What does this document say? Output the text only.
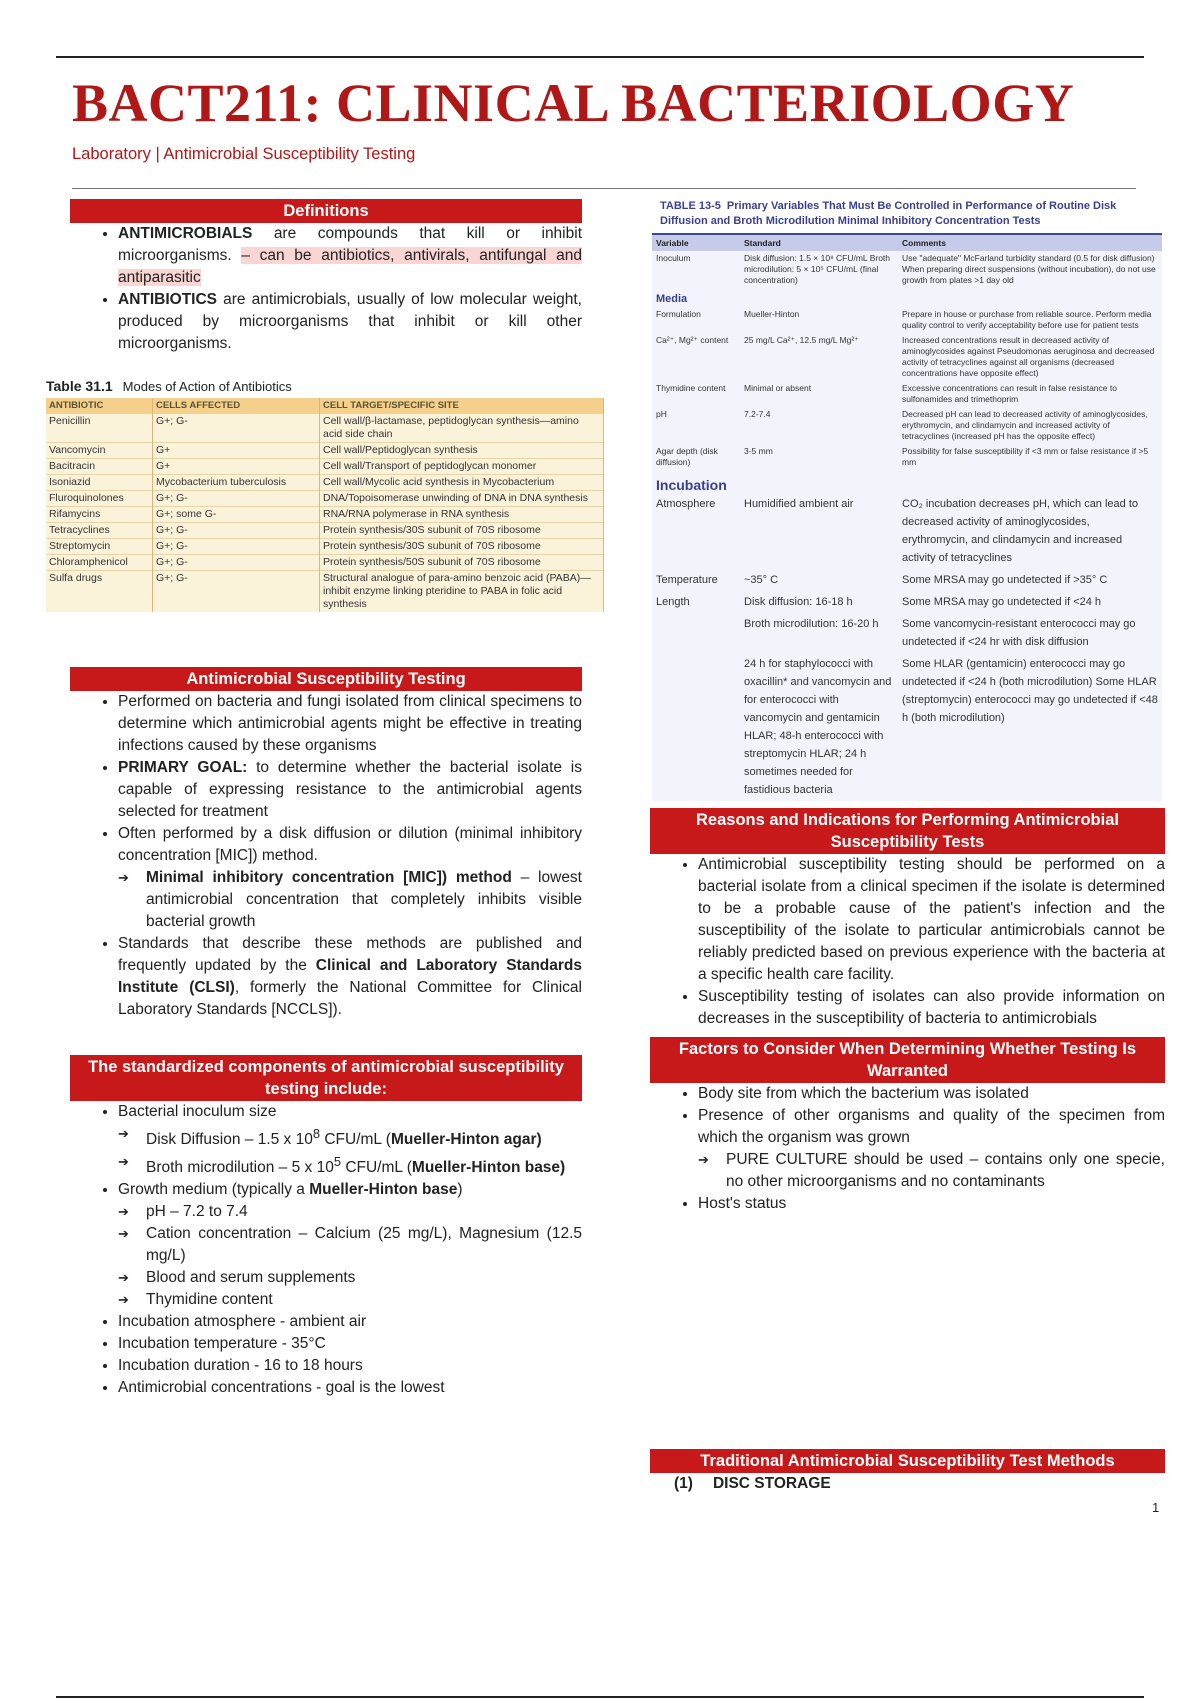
BACT211: CLINICAL BACTERIOLOGY
Laboratory | Antimicrobial Susceptibility Testing
Definitions
• ANTIMICROBIALS are compounds that kill or inhibit microorganisms. – can be antibiotics, antivirals, antifungal and antiparasitic
• ANTIBIOTICS are antimicrobials, usually of low molecular weight, produced by microorganisms that inhibit or kill other microorganisms.
Table 31.1 Modes of Action of Antibiotics
ANTIBIOTIC	CELLS AFFECTED	CELL TARGET/SPECIFIC SITE
Penicillin	G+; G-	Cell wall/β-lactamase, peptidoglycan synthesis—amino acid side chain
Vancomycin	G+	Cell wall/Peptidoglycan synthesis
Bacitracin	G+	Cell wall/Transport of peptidoglycan monomer
Isoniazid	Mycobacterium tuberculosis	Cell wall/Mycolic acid synthesis in Mycobacterium
Fluroquinolones	G+; G-	DNA/Topoisomerase unwinding of DNA in DNA synthesis
Rifamycins	G+; some G-	RNA/RNA polymerase in RNA synthesis
Tetracyclines	G+; G-	Protein synthesis/30S subunit of 70S ribosome
Streptomycin	G+; G-	Protein synthesis/30S subunit of 70S ribosome
Chloramphenicol	G+; G-	Protein synthesis/50S subunit of 70S ribosome
Sulfa drugs	G+; G-	Structural analogue of para-amino benzoic acid (PABA)—inhibit enzyme linking pteridine to PABA in folic acid synthesis
Antimicrobial Susceptibility Testing
• Performed on bacteria and fungi isolated from clinical specimens to determine which antimicrobial agents might be effective in treating infections caused by these organisms
• PRIMARY GOAL: to determine whether the bacterial isolate is capable of expressing resistance to the antimicrobial agents selected for treatment
• Often performed by a disk diffusion or dilution (minimal inhibitory concentration [MIC]) method.
➔ Minimal inhibitory concentration [MIC]) method – lowest antimicrobial concentration that completely inhibits visible bacterial growth
• Standards that describe these methods are published and frequently updated by the Clinical and Laboratory Standards Institute (CLSI), formerly the National Committee for Clinical Laboratory Standards [NCCLS]).
The standardized components of antimicrobial susceptibility testing include:
• Bacterial inoculum size
➔ Disk Diffusion – 1.5 x $10^8$ CFU/mL (Mueller-Hinton agar)
➔ Broth microdilution – 5 x $10^5$ CFU/mL (Mueller-Hinton base)
• Growth medium (typically a Mueller-Hinton base)
➔ pH – 7.2 to 7.4
➔ Cation concentration – Calcium (25 mg/L), Magnesium (12.5 mg/L)
➔ Blood and serum supplements
➔ Thymidine content
• Incubation atmosphere - ambient air
• Incubation temperature - 35°C
• Incubation duration - 16 to 18 hours
• Antimicrobial concentrations - goal is the lowest
TABLE 13-5 Primary Variables That Must Be Controlled in Performance of Routine Disk Diffusion and Broth Microdilution Minimal Inhibitory Concentration Tests
Variable	Standard	Comments
Inoculum	Disk diffusion: 1.5 × 10⁸ CFU/mL Broth microdilution: 5 × 10⁵ CFU/mL (final concentration)	Use "adequate" McFarland turbidity standard (0.5 for disk diffusion) When preparing direct suspensions (without incubation), do not use growth from plates >1 day old
Media		
Formulation	Mueller-Hinton	Prepare in house or purchase from reliable source. Perform media quality control to verify acceptability before use for patient tests
Ca²⁺, Mg²⁺ content	25 mg/L Ca²⁺, 12.5 mg/L Mg²⁺	Increased concentrations result in decreased activity of aminoglycosides against Pseudomonas aeruginosa and decreased activity of tetracyclines against all organisms (decreased concentrations have opposite effect)
Thymidine content	Minimal or absent	Excessive concentrations can result in false resistance to sulfonamides and trimethoprim
pH	7.2-7.4	Decreased pH can lead to decreased activity of aminoglycosides, erythromycin, and clindamycin and increased activity of tetracyclines (increased pH has the opposite effect)
Agar depth (disk diffusion)	3-5 mm	Possibility for false susceptibility if <3 mm or false resistance if >5 mm
Incubation		
Atmosphere	Humidified ambient air	CO₂ incubation decreases pH, which can lead to decreased activity of aminoglycosides, erythromycin, and clindamycin and increased activity of tetracyclines
Temperature	~35° C	Some MRSA may go undetected if >35° C
Length	Disk diffusion: 16-18 h	Some MRSA may go undetected if <24 h
	Broth microdilution: 16-20 h	Some vancomycin-resistant enterococci may go undetected if <24 hr with disk diffusion
	24 h for staphylococci with oxacillin* and vancomycin and for enterococci with vancomycin and gentamicin HLAR; 48-h enterococci with streptomycin HLAR; 24 h sometimes needed for fastidious bacteria	Some HLAR (gentamicin) enterococci may go undetected if <24 h (both microdilution) Some HLAR (streptomycin) enterococci may go undetected if <48 h (both microdilution)
Reasons and Indications for Performing Antimicrobial Susceptibility Tests
• Antimicrobial susceptibility testing should be performed on a bacterial isolate from a clinical specimen if the isolate is determined to be a probable cause of the patient's infection and the susceptibility of the isolate to particular antimicrobials cannot be reliably predicted based on previous experience with the bacteria at a specific health care facility.
• Susceptibility testing of isolates can also provide information on decreases in the susceptibility of bacteria to antimicrobials
Factors to Consider When Determining Whether Testing Is Warranted
• Body site from which the bacterium was isolated
• Presence of other organisms and quality of the specimen from which the organism was grown
➔ PURE CULTURE should be used – contains only one specie, no other microorganisms and no contaminants
• Host's status
Traditional Antimicrobial Susceptibility Test Methods
(1) DISC STORAGE
1
